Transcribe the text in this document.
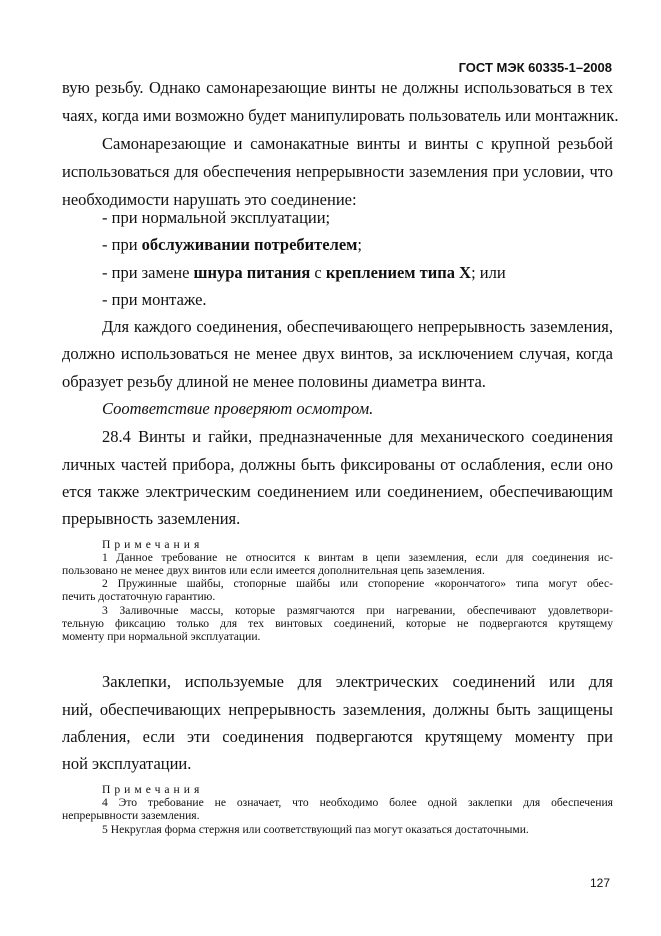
ГОСТ МЭК 60335-1–2008
вую резьбу. Однако самонарезающие винты не должны использоваться в тех
чаях, когда ими возможно будет манипулировать пользователь или монтажник.
Самонарезающие и самонакатные винты и винты с крупной резьбой
использоваться для обеспечения непрерывности заземления при условии, что
необходимости нарушать это соединение:
- при нормальной эксплуатации;
- при обслуживании потребителем;
- при замене шнура питания с креплением типа X; или
- при монтаже.
Для каждого соединения, обеспечивающего непрерывность заземления,
должно использоваться не менее двух винтов, за исключением случая, когда
образует резьбу длиной не менее половины диаметра винта.
Соответствие проверяют осмотром.
28.4 Винты и гайки, предназначенные для механического соединения
личных частей прибора, должны быть фиксированы от ослабления, если оно
ется также электрическим соединением или соединением, обеспечивающим
прерывность заземления.
Примечания
1 Данное требование не относится к винтам в цепи заземления, если для соединения ис-
пользовано не менее двух винтов или если имеется дополнительная цепь заземления.
2 Пружинные шайбы, стопорные шайбы или стопорение «корончатого» типа могут обес-
печить достаточную гарантию.
3 Заливочные массы, которые размягчаются при нагревании, обеспечивают удовлетвори-
тельную фиксацию только для тех винтовых соединений, которые не подвергаются крутящему
моменту при нормальной эксплуатации.
Заклепки, используемые для электрических соединений или для
ний, обеспечивающих непрерывность заземления, должны быть защищены
лабления, если эти соединения подвергаются крутящему моменту при
ной эксплуатации.
Примечания
4 Это требование не означает, что необходимо более одной заклепки для обеспечения
непрерывности заземления.
5 Некруглая форма стержня или соответствующий паз могут оказаться достаточными.
127
